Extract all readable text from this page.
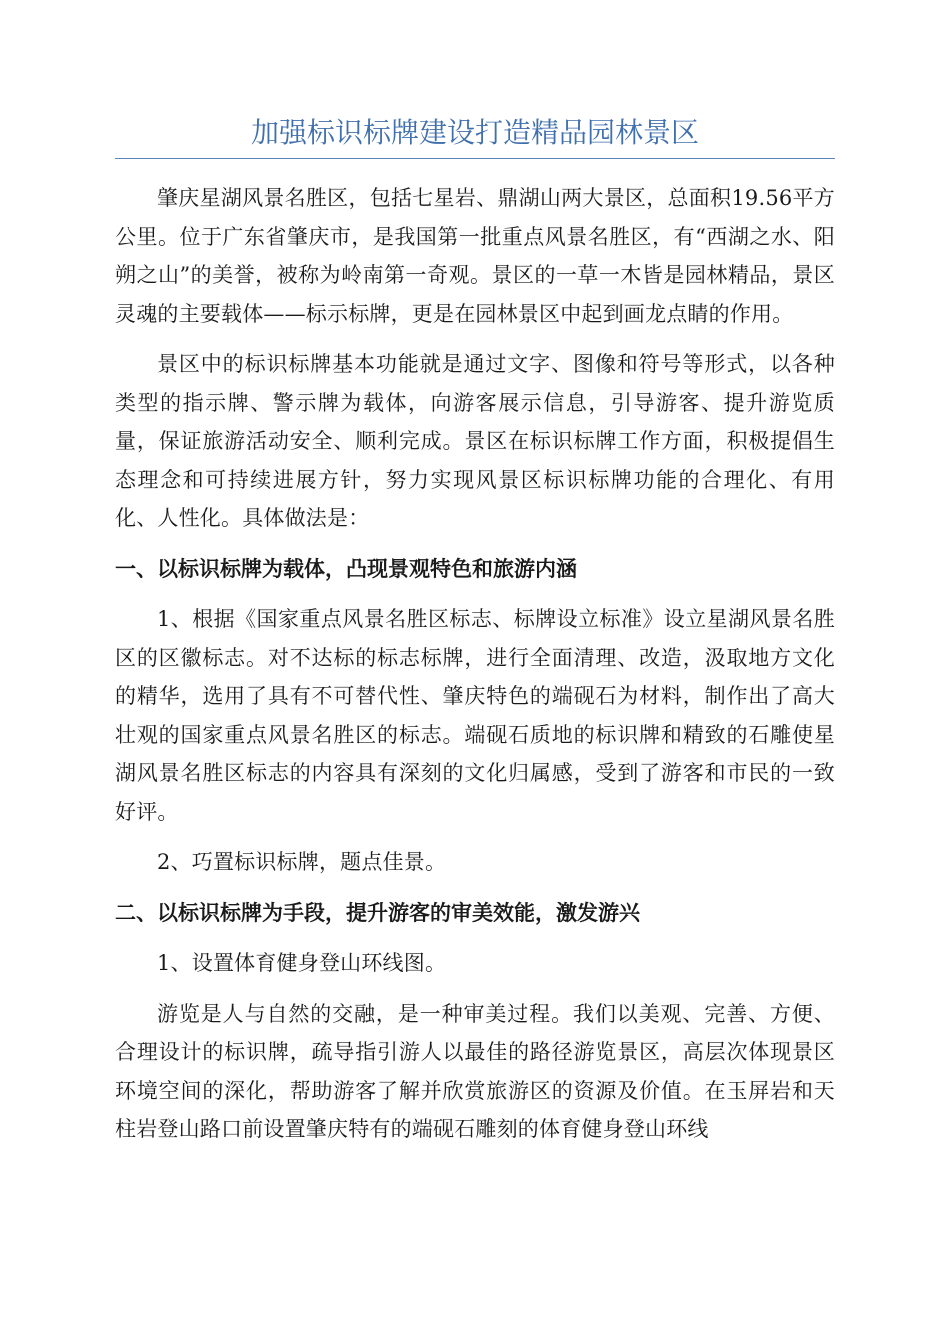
加强标识标牌建设打造精品园林景区

肇庆星湖风景名胜区，包括七星岩、鼎湖山两大景区，总面积19.56平方公里。位于广东省肇庆市，是我国第一批重点风景名胜区，有“西湖之水、阳朔之山”的美誉，被称为岭南第一奇观。景区的一草一木皆是园林精品，景区灵魂的主要载体——标示标牌，更是在园林景区中起到画龙点睛的作用。

景区中的标识标牌基本功能就是通过文字、图像和符号等形式，以各种类型的指示牌、警示牌为载体，向游客展示信息，引导游客、提升游览质量，保证旅游活动安全、顺利完成。景区在标识标牌工作方面，积极提倡生态理念和可持续进展方针，努力实现风景区标识标牌功能的合理化、有用化、人性化。具体做法是：

一、以标识标牌为载体，凸现景观特色和旅游内涵

1、根据《国家重点风景名胜区标志、标牌设立标准》设立星湖风景名胜区的区徽标志。对不达标的标志标牌，进行全面清理、改造，汲取地方文化的精华，选用了具有不可替代性、肇庆特色的端砚石为材料，制作出了高大壮观的国家重点风景名胜区的标志。端砚石质地的标识牌和精致的石雕使星湖风景名胜区标志的内容具有深刻的文化归属感，受到了游客和市民的一致好评。

2、巧置标识标牌，题点佳景。

二、以标识标牌为手段，提升游客的审美效能，激发游兴

1、设置体育健身登山环线图。

游览是人与自然的交融，是一种审美过程。我们以美观、完善、方便、合理设计的标识牌，疏导指引游人以最佳的路径游览景区，高层次体现景区环境空间的深化，帮助游客了解并欣赏旅游区的资源及价值。在玉屏岩和天柱岩登山路口前设置肇庆特有的端砚石雕刻的体育健身登山环线
